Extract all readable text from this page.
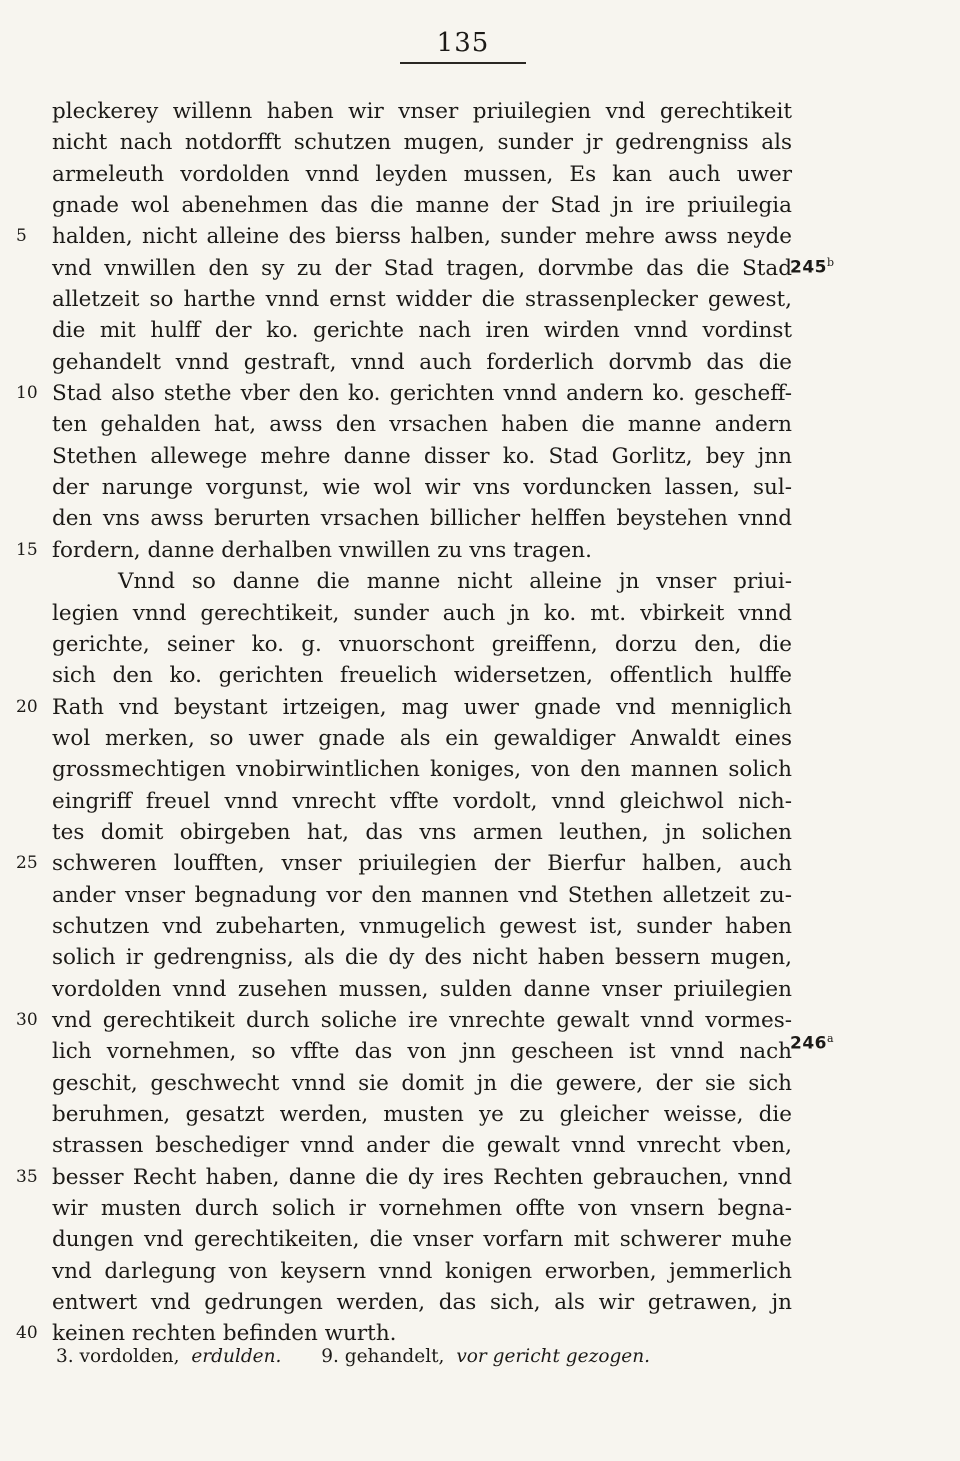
135
pleckerey willenn haben wir vnser priuilegien vnd gerechtikeit
nicht nach notdorfft schutzen mugen, sunder jr gedrengniss als
armeleuth vordolden vnnd leyden mussen, Es kan auch uwer
gnade wol abenehmen das die manne der Stad jn ire priuilegia
5	halden, nicht alleine des bierss halben, sunder mehre awss neyde
vnd vnwillen den sy zu der Stad tragen, dorvmbe das die Stad
alletzeit so harthe vnnd ernst widder die strassenplecker gewest,
die mit hulff der ko. gerichte nach iren wirden vnnd vordinst
gehandelt vnnd gestraft, vnnd auch forderlich dorvmb das die
10 Stad also stethe vber den ko. gerichten vnnd andern ko. gescheff-
ten gehalden hat, awss den vrsachen haben die manne andern
Stethen allewege mehre danne disser ko. Stad Gorlitz, bey jnn
der narunge vorgunst, wie wol wir vns vorduncken lassen, sul-
den vns awss berurten vrsachen billicher helffen beystehen vnnd
15 fordern, danne derhalben vnwillen zu vns tragen.
Vnnd so danne die manne nicht alleine jn vnser priui-
legien vnnd gerechtikeit, sunder auch jn ko. mt. vbirkeit vnnd
gerichte, seiner ko. g. vnuorschont greiffenn, dorzu den, die
sich den ko. gerichten freuelich widersetzen, offentlich hulffe
20 Rath vnd beystant irtzeigen, mag uwer gnade vnd menniglich
wol merken, so uwer gnade als ein gewaldiger Anwaldt eines
grossmechtigen vnobirwintlichen koniges, von den mannen solich
eingriff freuel vnnd vnrecht vffte vordolt, vnnd gleichwol nich-
tes domit obirgeben hat, das vns armen leuthen, jn solichen
25 schweren loufften, vnser priuilegien der Bierfur halben, auch
ander vnser begnadung vor den mannen vnd Stethen alletzeit zu-
schutzen vnd zubeharten, vnmugelich gewest ist, sunder haben
solich ir gedrengniss, als die dy des nicht haben bessern mugen,
vordolden vnnd zusehen mussen, sulden danne vnser priuilegien
30 vnd gerechtikeit durch soliche ire vnrechte gewalt vnnd vormes-
lich vornehmen, so vffte das von jnn gescheen ist vnnd nach
geschit, geschwecht vnnd sie domit jn die gewere, der sie sich
beruhmen, gesatzt werden, musten ye zu gleicher weisse, die
strassen beschediger vnnd ander die gewalt vnnd vnrecht vben,
35 besser Recht haben, danne die dy ires Rechten gebrauchen, vnnd
wir musten durch solich ir vornehmen offte von vnsern begna-
dungen vnd gerechtikeiten, die vnser vorfarn mit schwerer muhe
vnd darlegung von keysern vnnd konigen erworben, jemmerlich
entwert vnd gedrungen werden, das sich, als wir getrawen, jn
40 keinen rechten befinden wurth.
245$^b$
246$^a$
3. vordolden, erdulden. 9. gehandelt, vor gericht gezogen.
